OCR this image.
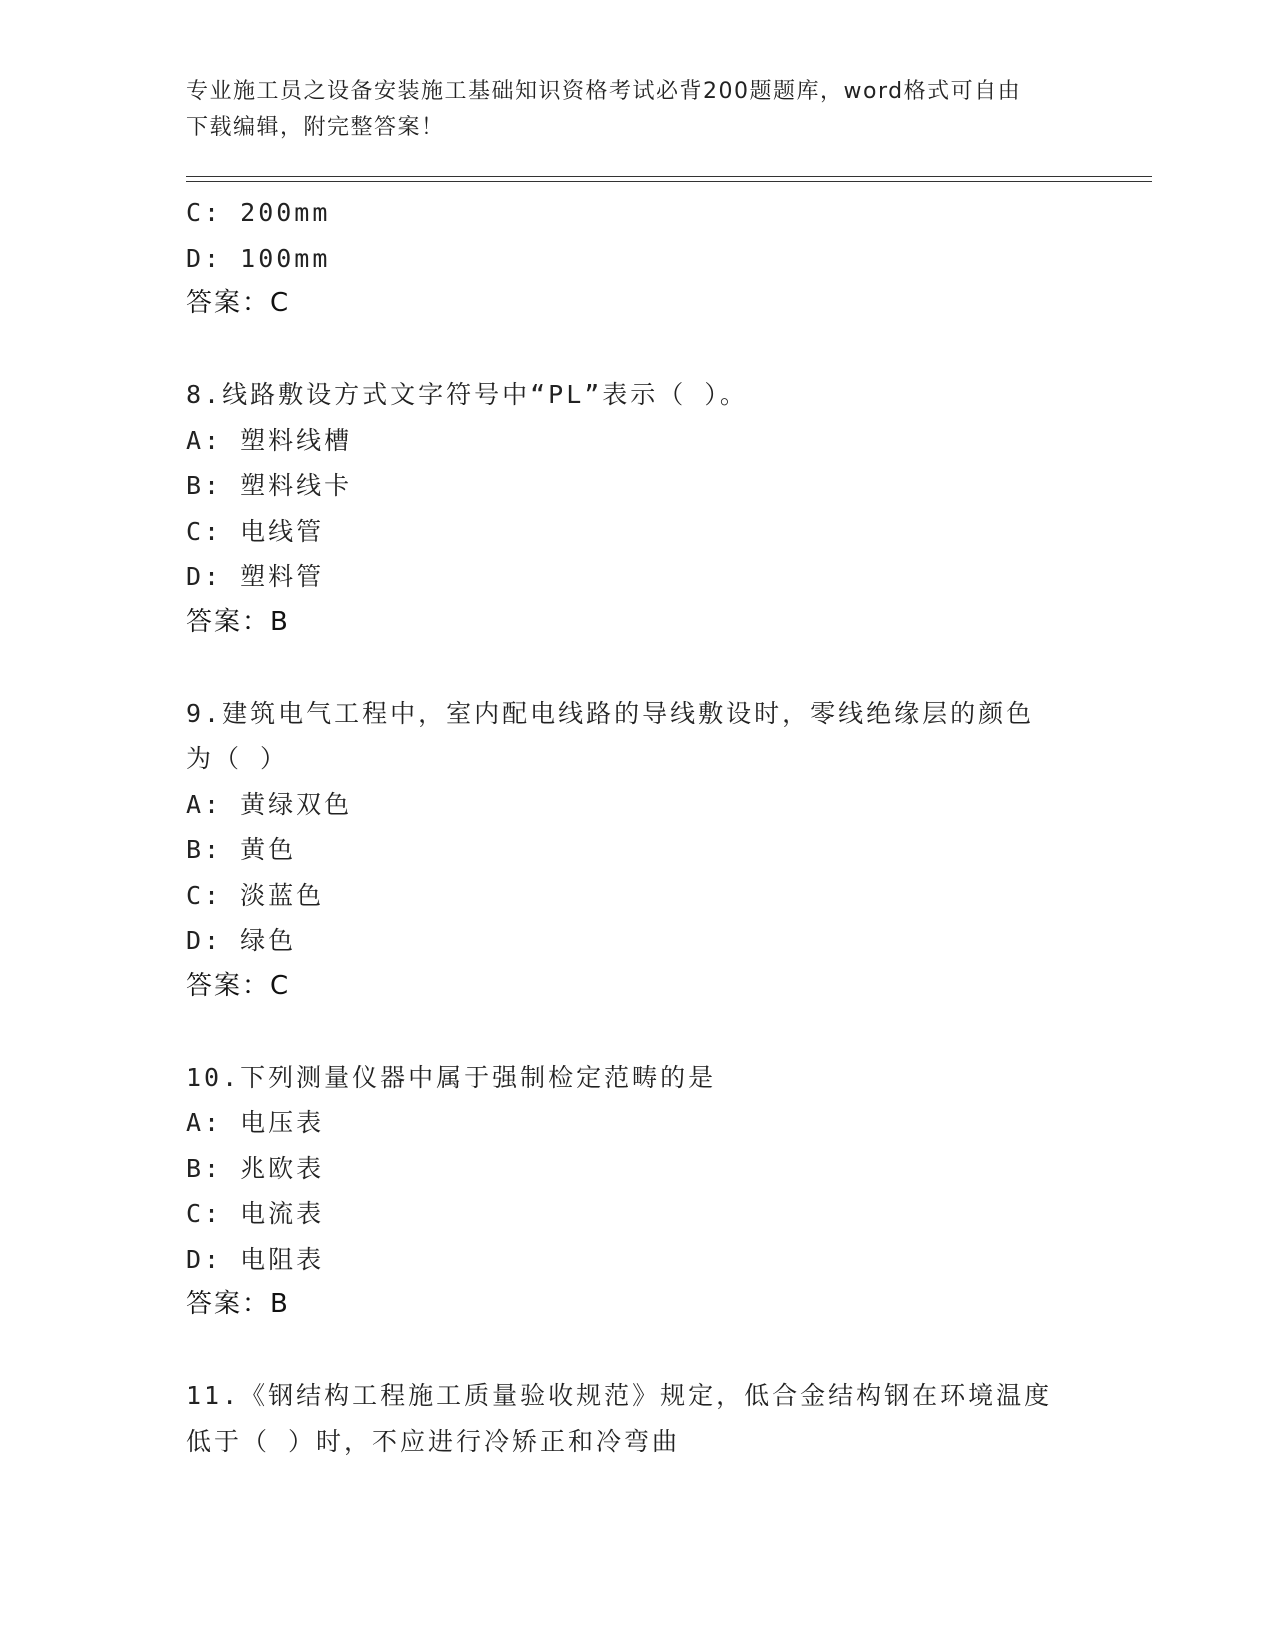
专业施工员之设备安装施工基础知识资格考试必背200题题库，word格式可自由
下载编辑，附完整答案！
C: 200mm
D: 100mm
答案：C
8.线路敷设方式文字符号中“PL”表示（ ）。
A: 塑料线槽
B: 塑料线卡
C: 电线管
D: 塑料管
答案：B
9.建筑电气工程中，室内配电线路的导线敷设时，零线绝缘层的颜色
为（ ）
A: 黄绿双色
B: 黄色
C: 淡蓝色
D: 绿色
答案：C
10.下列测量仪器中属于强制检定范畴的是
A: 电压表
B: 兆欧表
C: 电流表
D: 电阻表
答案：B
11.《钢结构工程施工质量验收规范》规定，低合金结构钢在环境温度
低于（ ）时，不应进行冷矫正和冷弯曲
